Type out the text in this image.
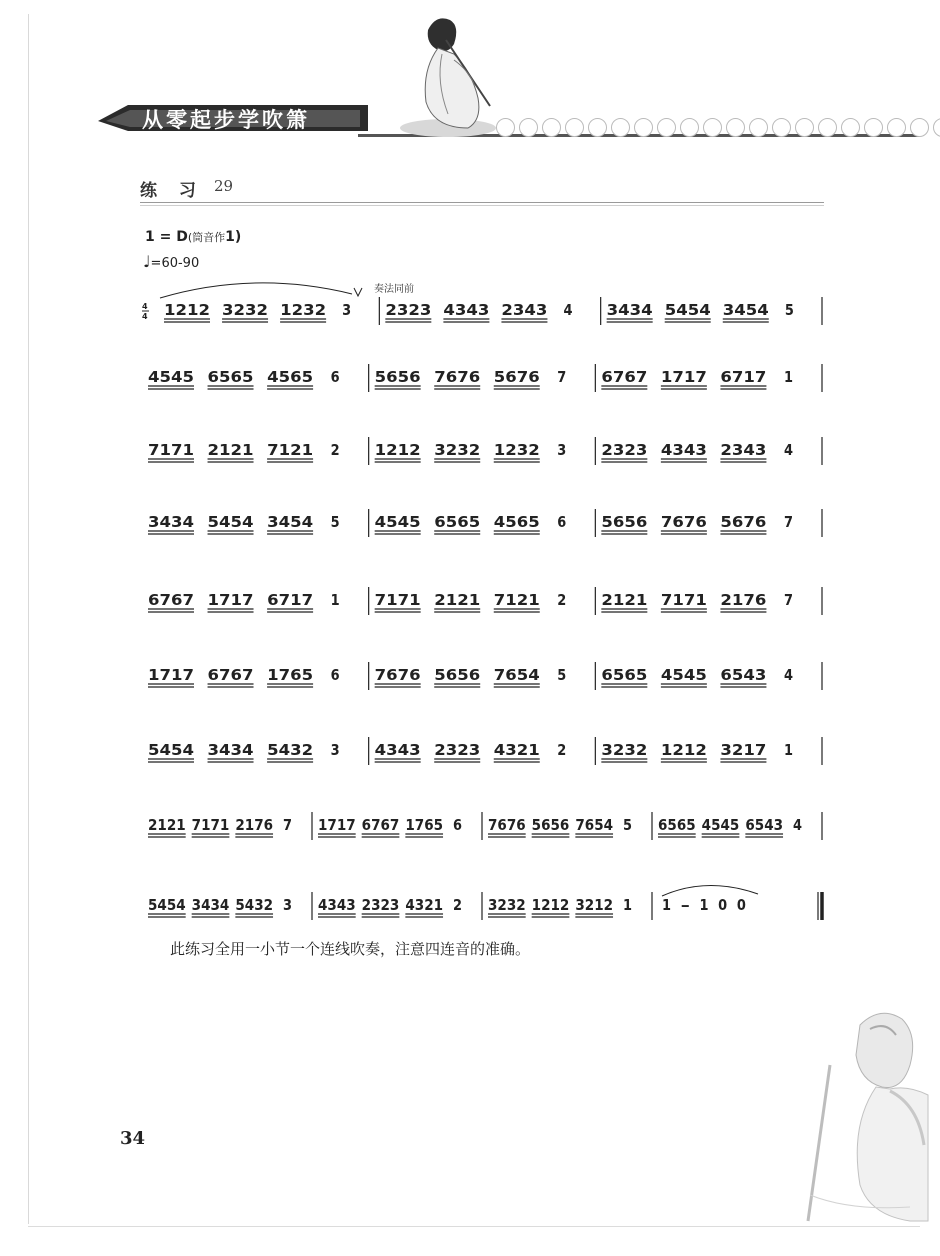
从零起步学吹箫
练 习 29
1 = D(筒音作1)
♩=60-90
奏法同前
1212 3232 1232 3 2323 4343 2343 4 3434 5454 3454 5
4
4
4545 6565 4565 6 5656 7676 5676 7 6767 1717 6717 1
7171 2121 7121 2 1212 3232 1232 3 2323 4343 2343 4
3434 5454 3454 5 4545 6565 4565 6 5656 7676 5676 7
6767 1717 6717 1 7171 2121 7121 2 2121 7171 2176 7
1717 6767 1765 6 7676 5656 7654 5 6565 4545 6543 4
5454 3434 5432 3 4343 2323 4321 2 3232 1212 3217 1
2121 7171 2176 7 1717 6767 1765 6 7676 5656 7654 5 6565 4545 6543 4
5454 3434 5432 3 4343 2323 4321 2 3232 1212 3212 1 1 – 1 0 0
此练习全用一小节一个连线吹奏，注意四连音的准确。
34
